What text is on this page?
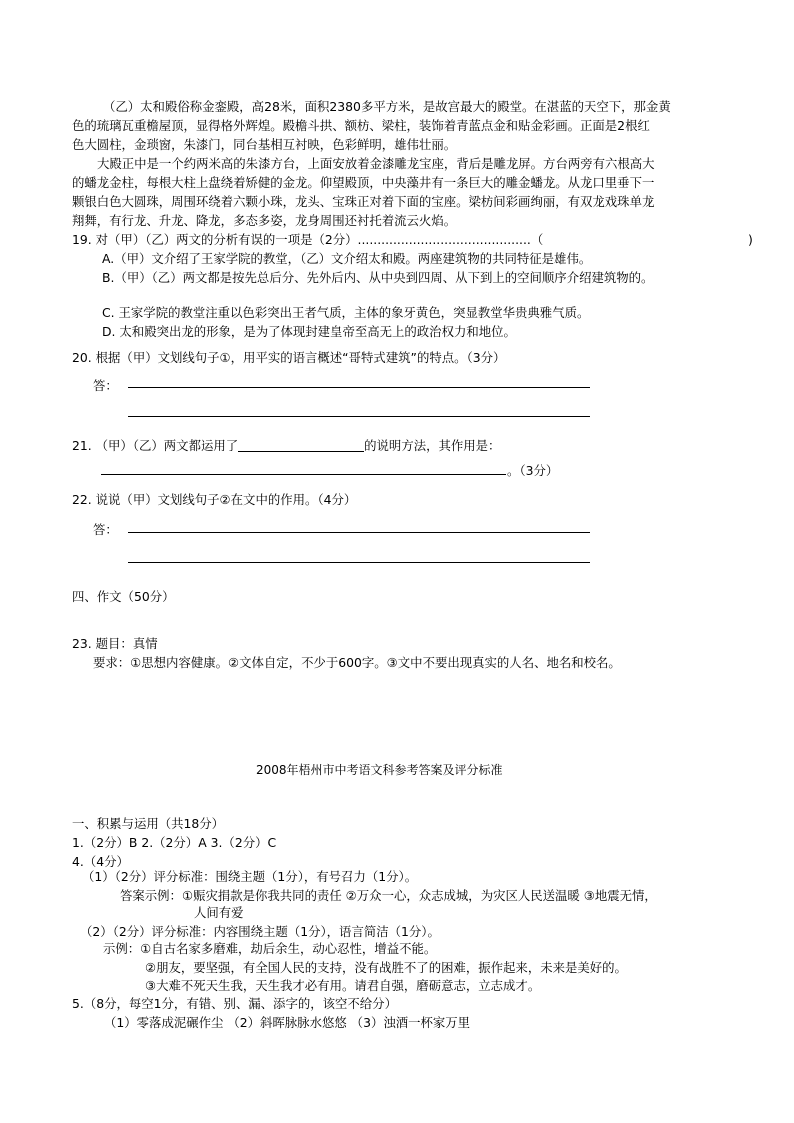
（乙）太和殿俗称金銮殿，高28米，面积2380多平方米，是故宫最大的殿堂。在湛蓝的天空下，那金黄
色的琉璃瓦重檐屋顶，显得格外辉煌。殿檐斗拱、额枋、梁柱，装饰着青蓝点金和贴金彩画。正面是2根红
色大圆柱，金琐窗，朱漆门，同台基相互衬映，色彩鲜明，雄伟壮丽。
大殿正中是一个约两米高的朱漆方台，上面安放着金漆雕龙宝座，背后是雕龙屏。方台两旁有六根高大
的蟠龙金柱，每根大柱上盘绕着矫健的金龙。仰望殿顶，中央藻井有一条巨大的雕金蟠龙。从龙口里垂下一
颗银白色大圆珠，周围环绕着六颗小珠，龙头、宝珠正对着下面的宝座。梁枋间彩画绚丽，有双龙戏珠单龙
翔舞，有行龙、升龙、降龙，多态多姿，龙身周围还衬托着流云火焰。
19. 对（甲）（乙）两文的分析有误的一项是（2分）............................................（	)
A.（甲）文介绍了王家学院的教堂，（乙）文介绍太和殿。两座建筑物的共同特征是雄伟。
B.（甲）（乙）两文都是按先总后分、先外后内、从中央到四周、从下到上的空间顺序介绍建筑物的。
C. 王家学院的教堂注重以色彩突出王者气质，主体的象牙黄色，突显教堂华贵典雅气质。
D. 太和殿突出龙的形象，是为了体现封建皇帝至高无上的政治权力和地位。
20. 根据（甲）文划线句子①，用平实的语言概述“哥特式建筑”的特点。（3分）
答：
21. （甲）（乙）两文都运用了	的说明方法，其作用是：
。（3分）
22. 说说（甲）文划线句子②在文中的作用。（4分）
答：
四、作文（50分）
23. 题目：真情
要求：①思想内容健康。②文体自定，不少于600字。③文中不要出现真实的人名、地名和校名。
2008年梧州市中考语文科参考答案及评分标准
一、积累与运用（共18分）
1.（2分）B 2.（2分）A 3.（2分）C
4.（4分）
（1）（2分）评分标准：围绕主题（1分），有号召力（1分）。
答案示例：①赈灾捐款是你我共同的责任 ②万众一心，众志成城，为灾区人民送温暖 ③地震无情，
人间有爱
（2）（2分）评分标准：内容围绕主题（1分），语言简洁（1分）。
示例：①自古名家多磨难，劫后余生，动心忍性，增益不能。
②朋友，要坚强，有全国人民的支持，没有战胜不了的困难，振作起来，未来是美好的。
③大难不死天生我，天生我才必有用。请君自强，磨砺意志，立志成才。
5.（8分，每空1分，有错、别、漏、添字的，该空不给分）
（1）零落成泥碾作尘 （2）斜晖脉脉水悠悠 （3）浊酒一杯家万里
